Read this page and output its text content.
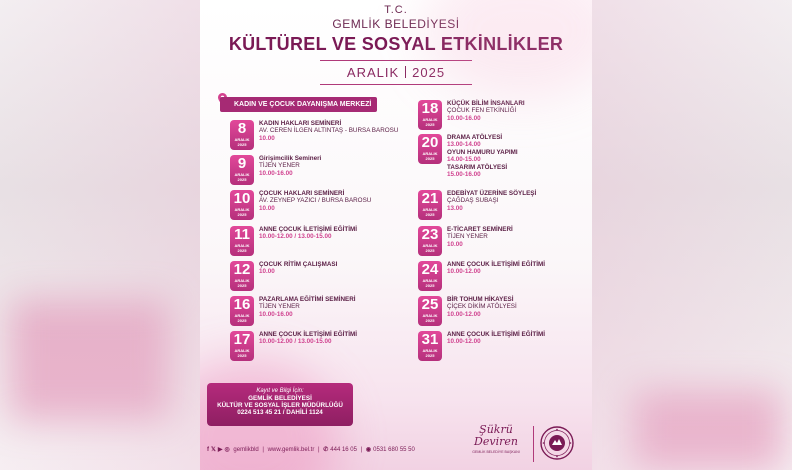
T.C.
GEMLİK BELEDİYESİ
KÜLTÜREL VE SOSYAL ETKİNLİKLER
ARALIK 2025
KADIN VE ÇOCUK DAYANIŞMA MERKEZİ
8
ARALIK
2025
KADIN HAKLARI SEMİNERİ
AV. CEREN İLGEN ALTINTAŞ - BURSA BAROSU
10.00
9
ARALIK
2025
Girişimcilik Semineri
TİJEN YENER
10.00-16.00
10
ARALIK
2025
ÇOCUK HAKLARI SEMİNERİ
AV. ZEYNEP YAZICI / BURSA BAROSU
10.00
11
ARALIK
2025
ANNE ÇOCUK İLETİŞİMİ EĞİTİMİ
10.00-12.00 / 13.00-15.00
12
ARALIK
2025
ÇOCUK RİTİM ÇALIŞMASI
10.00
16
ARALIK
2025
PAZARLAMA EĞİTİMİ SEMİNERİ
TİJEN YENER
10.00-16.00
17
ARALIK
2025
ANNE ÇOCUK İLETİŞİMİ EĞİTİMİ
10.00-12.00 / 13.00-15.00
18
ARALIK
2025
KÜÇÜK BİLİM İNSANLARI
ÇOCUK FEN ETKİNLİĞİ
10.00-16.00
20
ARALIK
2025
DRAMA ATÖLYESİ
13.00-14.00
OYUN HAMURU YAPIMI
14.00-15.00
TASARIM ATÖLYESİ
15.00-16.00
21
ARALIK
2025
EDEBİYAT ÜZERİNE SÖYLEŞİ
ÇAĞDAŞ SUBAŞI
13.00
23
ARALIK
2025
E-TİCARET SEMİNERİ
TİJEN YENER
10.00
24
ARALIK
2025
ANNE ÇOCUK İLETİŞİMİ EĞİTİMİ
10.00-12.00
25
ARALIK
2025
BİR TOHUM HİKAYESİ
ÇİÇEK DİKİM ATÖLYESİ
10.00-12.00
31
ARALIK
2025
ANNE ÇOCUK İLETİŞİMİ EĞİTİMİ
10.00-12.00
Kayıt ve Bilgi İçin:
GEMLİK BELEDİYESİ
KÜLTÜR VE SOSYAL İŞLER MÜDÜRLÜĞÜ
0224 513 45 21 / DAHİLİ 1124
f 𝕏 ▶ ◎ gemlikbld | www.gemlik.bel.tr | ✆ 444 16 05 | ◉ 0531 680 55 50
Şükrü
Deviren
GEMLİK BELEDİYE BAŞKANI
